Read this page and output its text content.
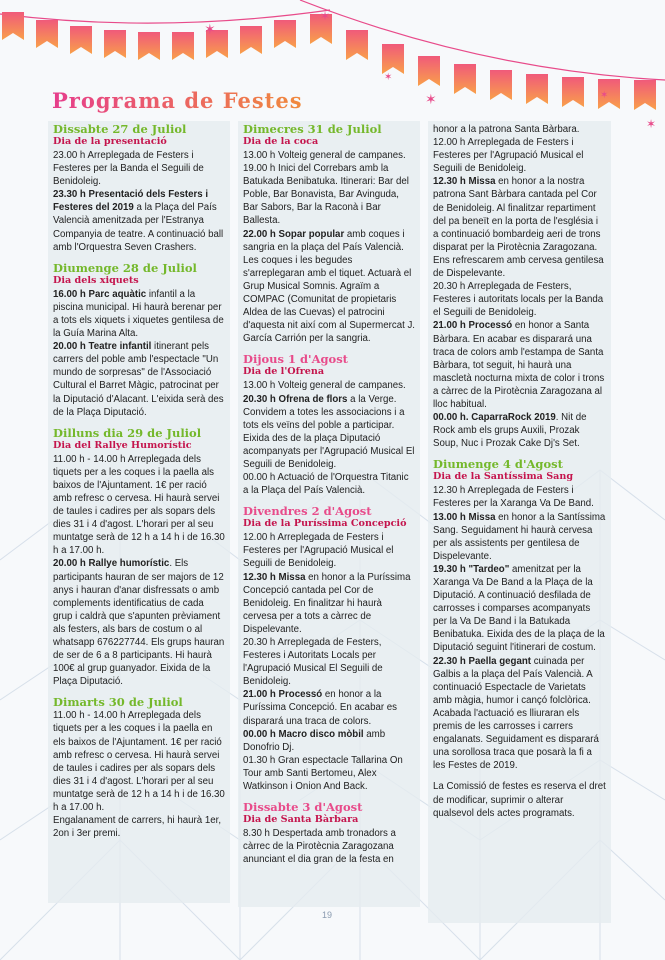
✶
✶
✶
✶	✶
✶
Programa de Festes
Dissabte 27 de Juliol
Dia de la presentació
23.00 h Arreplegada de Festers i Festeres per la Banda el Seguili de Benidoleig.
23.30 h Presentació dels Festers i Festeres del 2019 a la Plaça del País Valencià amenitzada per l'Estranya Companyia de teatre. A continuació ball amb l'Orquestra Seven Crashers.
Diumenge 28 de Juliol
Dia dels xiquets
16.00 h Parc aquàtic infantil a la piscina municipal. Hi haurà berenar per a tots els xiquets i xiquetes gentilesa de la Guía Marina Alta.
20.00 h Teatre infantil itinerant pels carrers del poble amb l'espectacle "Un mundo de sorpresas" de l'Associació Cultural el Barret Màgic, patrocinat per la Diputació d'Alacant. L'eixida serà des de la Plaça Diputació.
Dilluns dia 29 de Juliol
Dia del Rallye Humorístic
11.00 h - 14.00 h Arreplegada dels tiquets per a les coques i la paella als baixos de l'Ajuntament. 1€ per ració amb refresc o cervesa. Hi haurà servei de taules i cadires per als sopars dels dies 31 i 4 d'agost. L'horari per al seu muntatge serà de 12 h a 14 h i de 16.30 h a 17.00 h.
20.00 h Rallye humorístic. Els participants hauran de ser majors de 12 anys i hauran d'anar disfressats o amb complements identificatius de cada grup i caldrà que s'apunten prèviament als festers, als bars de costum o al whatsapp 676227744. Els grups hauran de ser de 6 a 8 participants. Hi haurà 100€ al grup guanyador. Eixida de la Plaça Diputació.
Dimarts 30 de Juliol
11.00 h - 14.00 h Arreplegada dels tiquets per a les coques i la paella en els baixos de l'Ajuntament. 1€ per ració amb refresc o cervesa. Hi haurà servei de taules i cadires per als sopars dels dies 31 i 4 d'agost. L'horari per al seu muntatge serà de 12 h a 14 h i de 16.30 h a 17.00 h.
Engalanament de carrers, hi haurà 1er, 2on i 3er premi.
Dimecres 31 de Juliol
Dia de la coca
13.00 h Volteig general de campanes.
19.00 h Inici del Correbars amb la Batukada Benibatuka. Itinerari: Bar del Poble, Bar Bonavista, Bar Avinguda, Bar Sabors, Bar la Raconà i Bar Ballesta.
22.00 h Sopar popular amb coques i sangria en la plaça del País Valencià. Les coques i les begudes s'arreplegaran amb el tiquet. Actuarà el Grup Musical Somnis. Agraïm a COMPAC (Comunitat de propietaris Aldea de las Cuevas) el patrocini d'aquesta nit així com al Supermercat J. García Carrión per la sangria.
Dijous 1 d'Agost
Dia de l'Ofrena
13.00 h Volteig general de campanes.
20.30 h Ofrena de flors a la Verge. Convidem a totes les associacions i a tots els veïns del poble a participar. Eixida des de la plaça Diputació acompanyats per l'Agrupació Musical El Seguili de Benidoleig.
00.00 h Actuació de l'Orquestra Titanic a la Plaça del País Valencià.
Divendres 2 d'Agost
Dia de la Puríssima Concepció
12.00 h Arreplegada de Festers i Festeres per l'Agrupació Musical el Seguili de Benidoleig.
12.30 h Missa en honor a la Puríssima Concepció cantada pel Cor de Benidoleig. En finalitzar hi haurà cervesa per a tots a càrrec de Dispelevante.
20.30 h Arreplegada de Festers, Festeres i Autoritats Locals per l'Agrupació Musical El Seguili de Benidoleig.
21.00 h Processó en honor a la Puríssima Concepció. En acabar es disparará una traca de colors.
00.00 h Macro disco mòbil amb Donofrio Dj.
01.30 h Gran espectacle Tallarina On Tour amb Santi Bertomeu, Alex Watkinson i Onion And Back.
Dissabte 3 d'Agost
Dia de Santa Bàrbara
8.30 h Despertada amb tronadors a càrrec de la Pirotècnia Zaragozana anunciant el dia gran de la festa en
honor a la patrona Santa Bàrbara.
12.00 h Arreplegada de Festers i Festeres per l'Agrupació Musical el Seguili de Benidoleig.
12.30 h Missa en honor a la nostra patrona Sant Bàrbara cantada pel Cor de Benidoleig. Al finalitzar repartiment del pa beneït en la porta de l'església i a continuació bombardeig aeri de trons disparat per la Pirotècnia Zaragozana. Ens refrescarem amb cervesa gentilesa de Dispelevante.
20.30 h Arreplegada de Festers, Festeres i autoritats locals per la Banda el Seguili de Benidoleig.
21.00 h Processó en honor a Santa Bàrbara. En acabar es disparará una traca de colors amb l'estampa de Santa Bàrbara, tot seguit, hi haurà una mascletà nocturna mixta de color i trons a càrrec de la Pirotècnia Zaragozana al lloc habitual.
00.00 h. CaparraRock 2019. Nit de Rock amb els grups Auxili, Prozak Soup, Nuc i Prozak Cake Dj's Set.
Diumenge 4 d'Agost
Dia de la Santíssima Sang
12.30 h Arreplegada de Festers i Festeres per la Xaranga Va De Band.
13.00 h Missa en honor a la Santíssima Sang. Seguidament hi haurà cervesa per als assistents per gentilesa de Dispelevante.
19.30 h "Tardeo" amenitzat per la Xaranga Va De Band a la Plaça de la Diputació. A continuació desfilada de carrosses i comparses acompanyats per la Va De Band i la Batukada Benibatuka. Eixida des de la plaça de la Diputació seguint l'itinerari de costum.
22.30 h Paella gegant cuinada per Galbis a la plaça del País Valencià. A continuació Espectacle de Varietats amb màgia, humor i cançó folclòrica. Acabada l'actuació es lliuraran els premis de les carrosses i carrers engalanats. Seguidament es disparará una sorollosa traca que posarà la fi a les Festes de 2019.
La Comissió de festes es reserva el dret de modificar, suprimir o alterar qualsevol dels actes programats.
19
